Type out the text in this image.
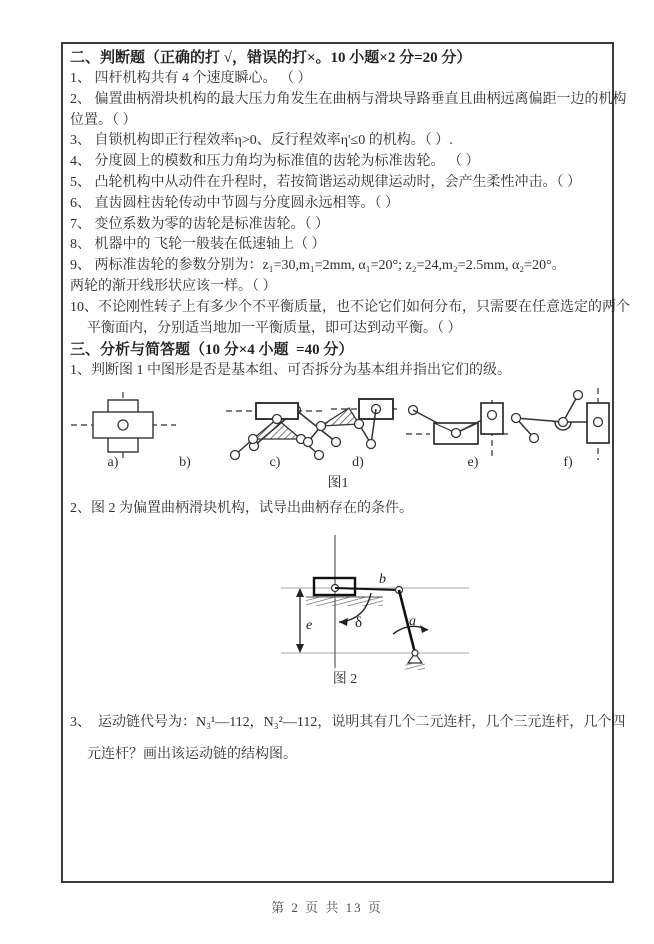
二、判断题（正确的打 √，错误的打×。10 小题×2 分=20 分）
1、 四杆机构共有 4 个速度瞬心。 （ ）
2、 偏置曲柄滑块机构的最大压力角发生在曲柄与滑块导路垂直且曲柄远离偏距一边的机构
位置。（ ）
3、 自锁机构即正行程效率η>0、反行程效率η'≤0 的机构。（ ）.
4、 分度圆上的模数和压力角均为标准值的齿轮为标准齿轮。 （ ）
5、 凸轮机构中从动件在升程时，若按简谐运动规律运动时，会产生柔性冲击。（ ）
6、 直齿圆柱齿轮传动中节圆与分度圆永远相等。（ ）
7、 变位系数为零的齿轮是标准齿轮。（ ）
8、 机器中的 飞轮一般装在低速轴上（ ）
9、 两标准齿轮的参数分别为：z₁=30,m₁=2mm, α₁=20°; z₂=24,m₂=2.5mm, α₂=20°。
两轮的渐开线形状应该一样。（ ）
10、不论刚性转子上有多少个不平衡质量，也不论它们如何分布，只需要在任意选定的两个
平衡面内，分别适当地加一平衡质量，即可达到动平衡。（ ）
三、分析与简答题（10 分×4 小题  =40 分）
1、判断图 1 中图形是否是基本组、可否拆分为基本组并指出它们的级。
a)	b)	c)	d)	e)	f)
图1
2、图 2 为偏置曲柄滑块机构，试导出曲柄存在的条件。
b
a
δ
e
图 2
3、  运动链代号为：N₃¹—112，N₃²—112，说明其有几个二元连杆，几个三元连杆，几个四
元连杆？画出该运动链的结构图。
第 2 页 共 13 页
